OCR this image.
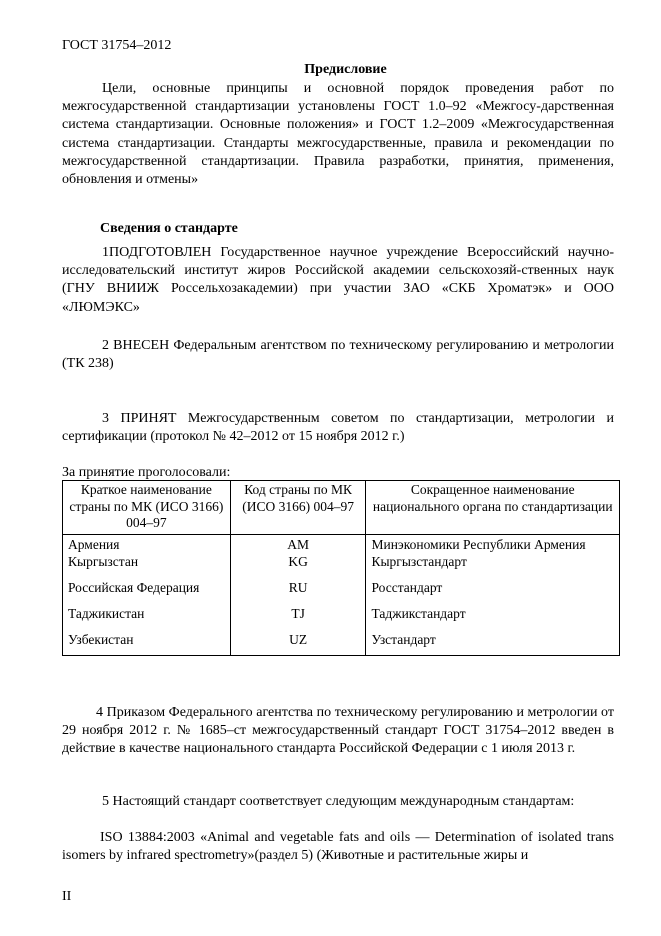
ГОСТ 31754–2012
Предисловие
Цели, основные принципы и основной порядок проведения работ по межгосударственной стандартизации установлены ГОСТ 1.0–92 «Межгосу-дарственная система стандартизации. Основные положения» и ГОСТ 1.2–2009 «Межгосударственная система стандартизации. Стандарты межгосударственные, правила и рекомендации по межгосударственной стандартизации. Правила разработки, принятия, применения, обновления и отмены»
Сведения о стандарте
1ПОДГОТОВЛЕН Государственное научное учреждение Всероссийский научно-исследовательский институт жиров Российской академии сельскохозяй-ственных наук (ГНУ ВНИИЖ Россельхозакадемии) при участии ЗАО «СКБ Хроматэк» и ООО «ЛЮМЭКС»
2 ВНЕСЕН Федеральным агентством по техническому регулированию и метрологии (ТК 238)
3 ПРИНЯТ Межгосударственным советом по стандартизации, метрологии и сертификации (протокол № 42–2012 от 15 ноября 2012 г.)
За принятие проголосовали:
Краткое наименование страны по МК (ИСО 3166) 004–97	Код страны по МК (ИСО 3166) 004–97	Сокращенное наименование национального органа по стандартизации
Армения	AM	Минэкономики Республики Армения
Кыргызстан	KG	Кыргызстандарт
Российская Федерация	RU	Росстандарт
Таджикистан	TJ	Таджикстандарт
Узбекистан	UZ	Узстандарт
4 Приказом Федерального агентства по техническому регулированию и метрологии от 29 ноября 2012 г. № 1685–ст межгосударственный стандарт ГОСТ 31754–2012 введен в действие в качестве национального стандарта Российской Федерации с 1 июля 2013 г.
5 Настоящий стандарт соответствует следующим международным стандартам:
ISO 13884:2003 «Animal and vegetable fats and oils — Determination of isolated trans isomers by infrared spectrometry»(раздел 5) (Животные и растительные жиры и
II
